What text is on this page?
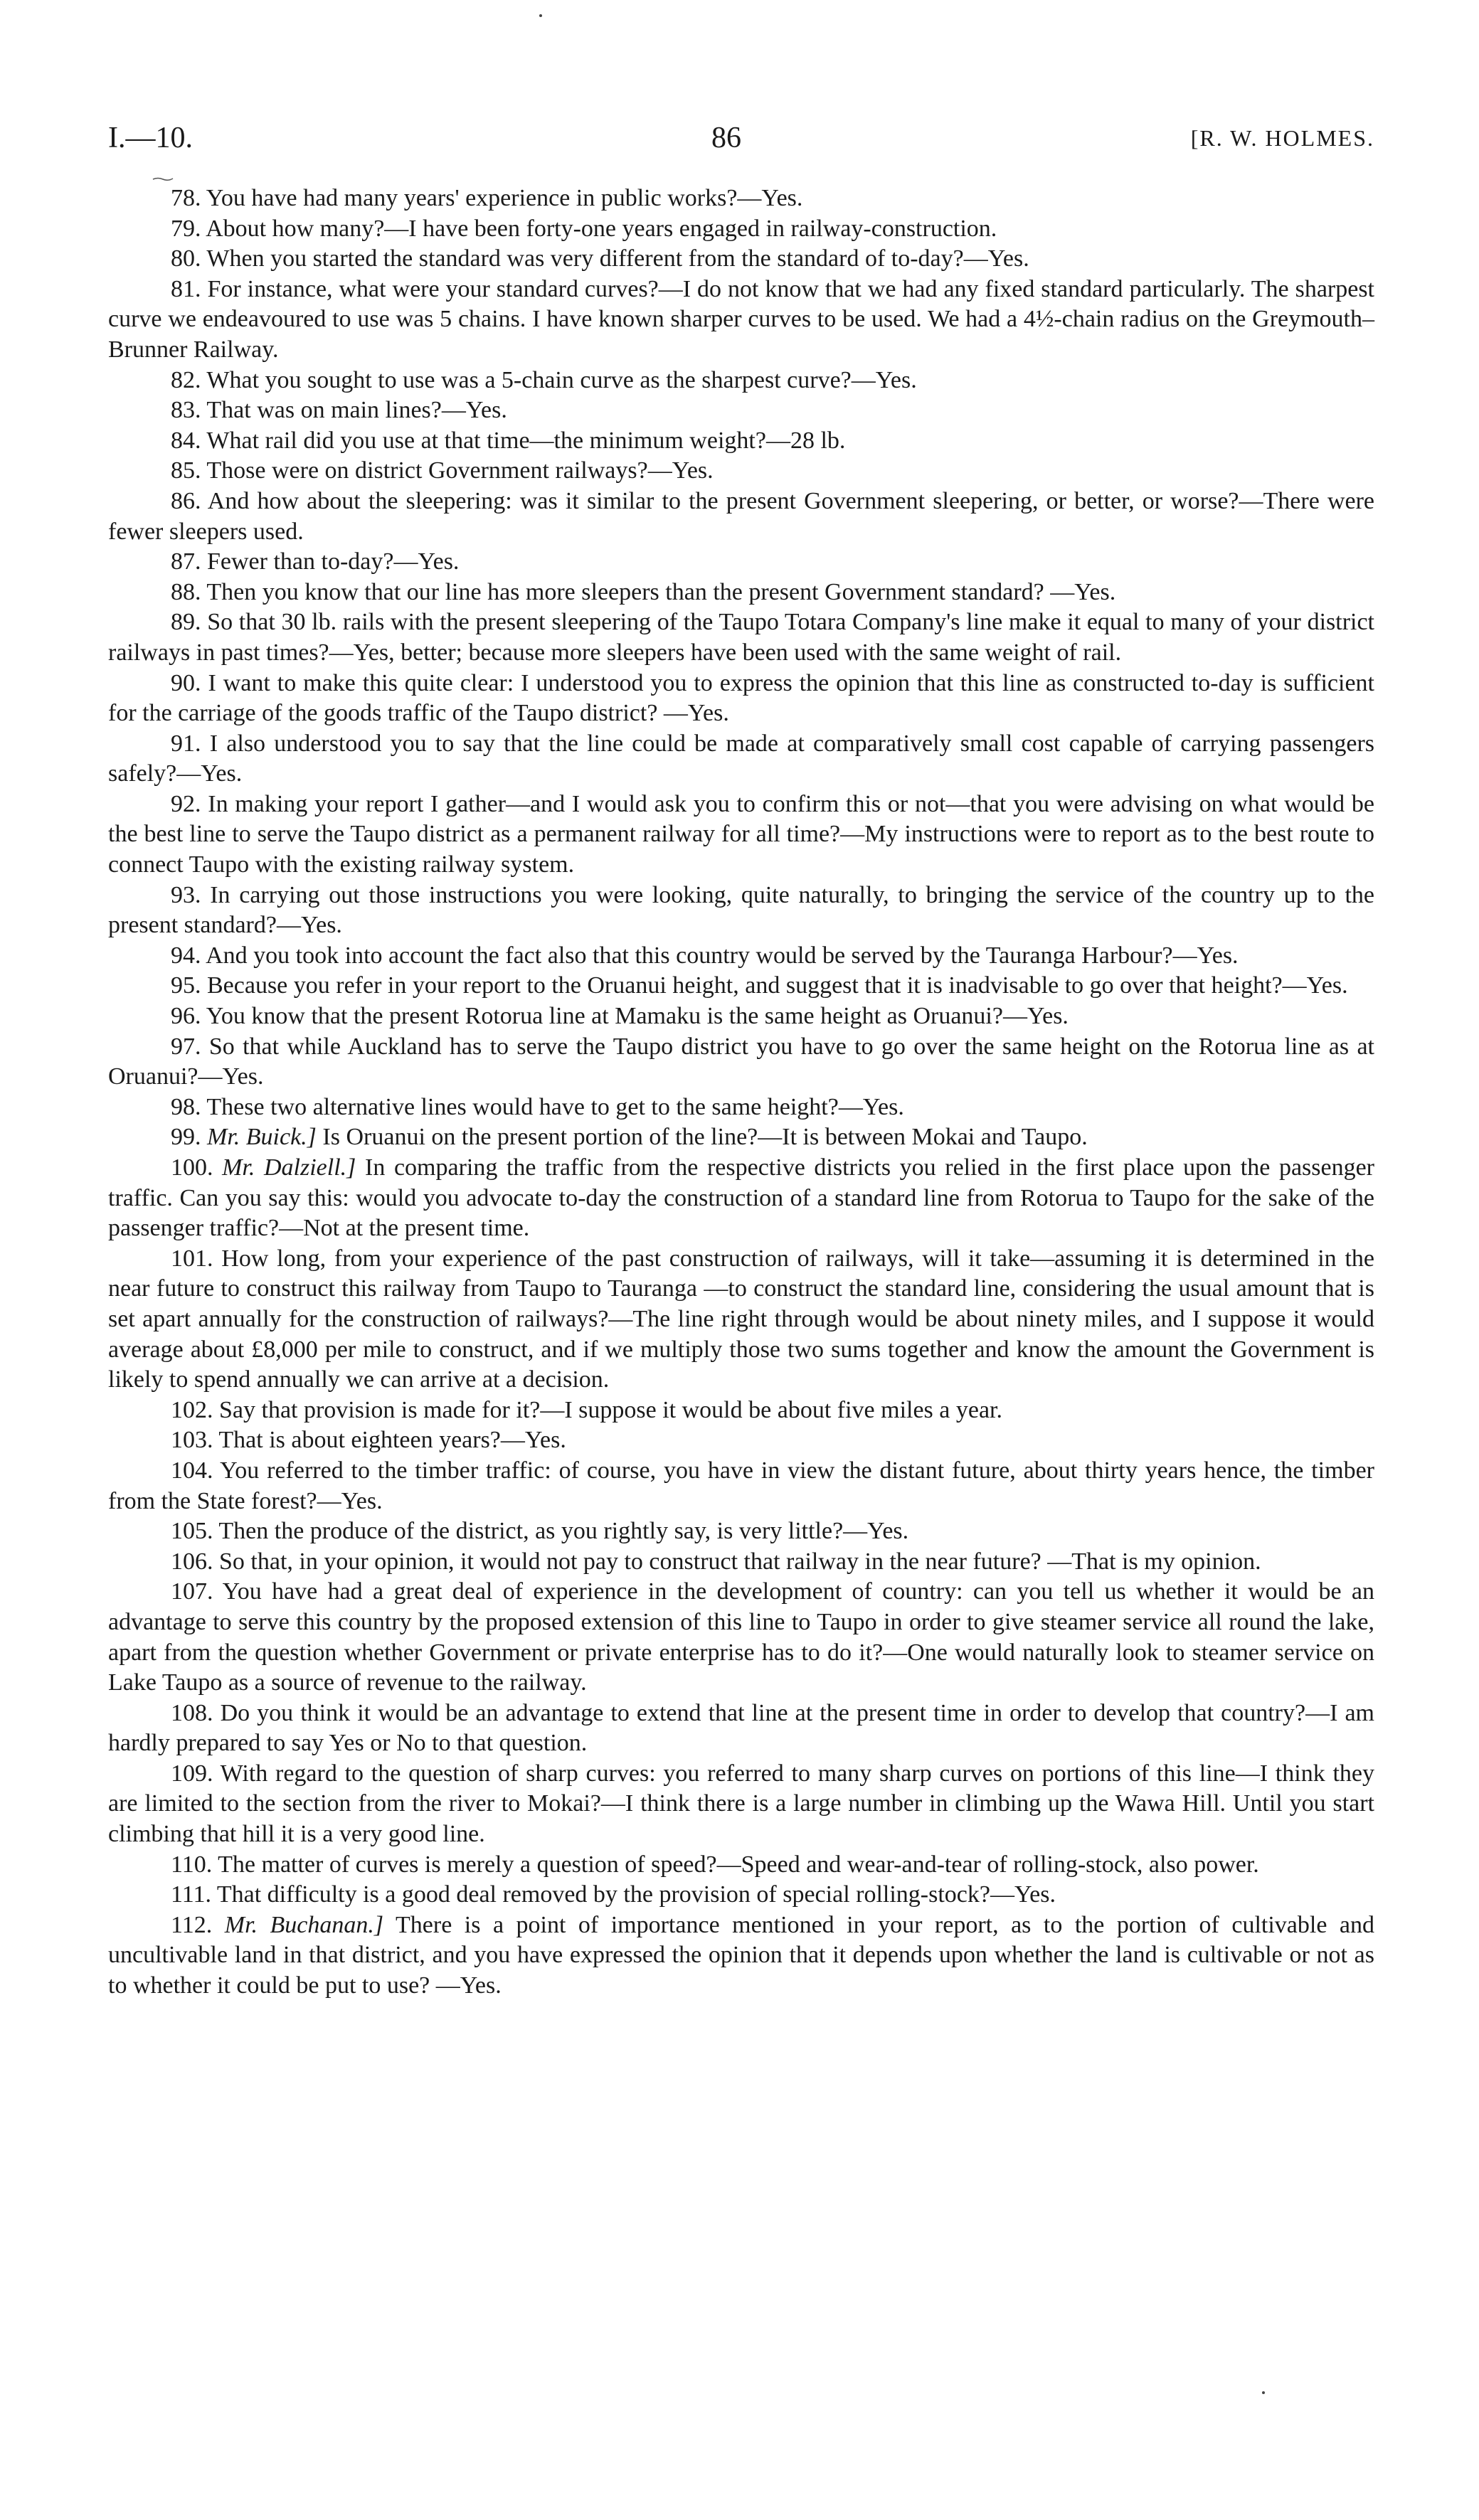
I.—10.	86	[R. W. HOLMES.

78. You have had many years' experience in public works?—Yes.

79. About how many?—I have been forty-one years engaged in railway-construction.

80. When you started the standard was very different from the standard of to-day?—Yes.

81. For instance, what were your standard curves?—I do not know that we had any fixed standard particularly. The sharpest curve we endeavoured to use was 5 chains. I have known sharper curves to be used. We had a 4½-chain radius on the Greymouth–Brunner Railway.

82. What you sought to use was a 5-chain curve as the sharpest curve?—Yes.

83. That was on main lines?—Yes.

84. What rail did you use at that time—the minimum weight?—28 lb.

85. Those were on district Government railways?—Yes.

86. And how about the sleepering: was it similar to the present Government sleepering, or better, or worse?—There were fewer sleepers used.

87. Fewer than to-day?—Yes.

88. Then you know that our line has more sleepers than the present Government standard? —Yes.

89. So that 30 lb. rails with the present sleepering of the Taupo Totara Company's line make it equal to many of your district railways in past times?—Yes, better; because more sleepers have been used with the same weight of rail.

90. I want to make this quite clear: I understood you to express the opinion that this line as constructed to-day is sufficient for the carriage of the goods traffic of the Taupo district? —Yes.

91. I also understood you to say that the line could be made at comparatively small cost capable of carrying passengers safely?—Yes.

92. In making your report I gather—and I would ask you to confirm this or not—that you were advising on what would be the best line to serve the Taupo district as a permanent railway for all time?—My instructions were to report as to the best route to connect Taupo with the existing railway system.

93. In carrying out those instructions you were looking, quite naturally, to bringing the service of the country up to the present standard?—Yes.

94. And you took into account the fact also that this country would be served by the Tauranga Harbour?—Yes.

95. Because you refer in your report to the Oruanui height, and suggest that it is inadvisable to go over that height?—Yes.

96. You know that the present Rotorua line at Mamaku is the same height as Oruanui?—Yes.

97. So that while Auckland has to serve the Taupo district you have to go over the same height on the Rotorua line as at Oruanui?—Yes.

98. These two alternative lines would have to get to the same height?—Yes.

99. Mr. Buick.] Is Oruanui on the present portion of the line?—It is between Mokai and Taupo.

100. Mr. Dalziell.] In comparing the traffic from the respective districts you relied in the first place upon the passenger traffic. Can you say this: would you advocate to-day the construction of a standard line from Rotorua to Taupo for the sake of the passenger traffic?—Not at the present time.

101. How long, from your experience of the past construction of railways, will it take—assuming it is determined in the near future to construct this railway from Taupo to Tauranga —to construct the standard line, considering the usual amount that is set apart annually for the construction of railways?—The line right through would be about ninety miles, and I suppose it would average about £8,000 per mile to construct, and if we multiply those two sums together and know the amount the Government is likely to spend annually we can arrive at a decision.

102. Say that provision is made for it?—I suppose it would be about five miles a year.

103. That is about eighteen years?—Yes.

104. You referred to the timber traffic: of course, you have in view the distant future, about thirty years hence, the timber from the State forest?—Yes.

105. Then the produce of the district, as you rightly say, is very little?—Yes.

106. So that, in your opinion, it would not pay to construct that railway in the near future? —That is my opinion.

107. You have had a great deal of experience in the development of country: can you tell us whether it would be an advantage to serve this country by the proposed extension of this line to Taupo in order to give steamer service all round the lake, apart from the question whether Government or private enterprise has to do it?—One would naturally look to steamer service on Lake Taupo as a source of revenue to the railway.

108. Do you think it would be an advantage to extend that line at the present time in order to develop that country?—I am hardly prepared to say Yes or No to that question.

109. With regard to the question of sharp curves: you referred to many sharp curves on portions of this line—I think they are limited to the section from the river to Mokai?—I think there is a large number in climbing up the Wawa Hill. Until you start climbing that hill it is a very good line.

110. The matter of curves is merely a question of speed?—Speed and wear-and-tear of rolling-stock, also power.

111. That difficulty is a good deal removed by the provision of special rolling-stock?—Yes.

112. Mr. Buchanan.] There is a point of importance mentioned in your report, as to the portion of cultivable and uncultivable land in that district, and you have expressed the opinion that it depends upon whether the land is cultivable or not as to whether it could be put to use? —Yes.
